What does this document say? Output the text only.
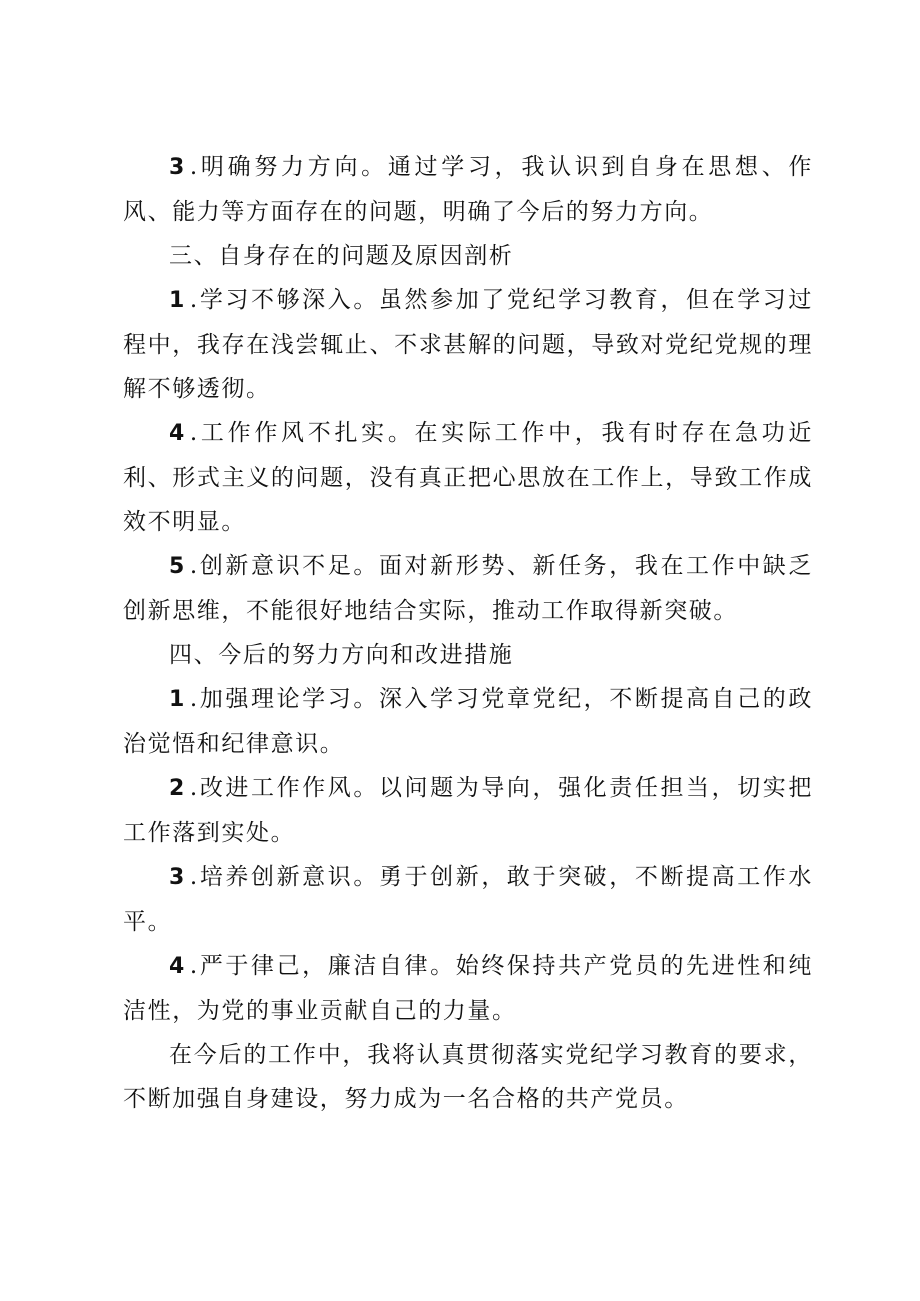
3 .明确努力方向。通过学习，我认识到自身在思想、作风、能力等方面存在的问题，明确了今后的努力方向。

三、自身存在的问题及原因剖析

1 .学习不够深入。虽然参加了党纪学习教育，但在学习过程中，我存在浅尝辄止、不求甚解的问题，导致对党纪党规的理解不够透彻。

4 .工作作风不扎实。在实际工作中，我有时存在急功近利、形式主义的问题，没有真正把心思放在工作上，导致工作成效不明显。

5 .创新意识不足。面对新形势、新任务，我在工作中缺乏创新思维，不能很好地结合实际，推动工作取得新突破。

四、今后的努力方向和改进措施

1 .加强理论学习。深入学习党章党纪，不断提高自己的政治觉悟和纪律意识。

2 .改进工作作风。以问题为导向，强化责任担当，切实把工作落到实处。

3 .培养创新意识。勇于创新，敢于突破，不断提高工作水平。

4 .严于律己，廉洁自律。始终保持共产党员的先进性和纯洁性，为党的事业贡献自己的力量。

在今后的工作中，我将认真贯彻落实党纪学习教育的要求，不断加强自身建设，努力成为一名合格的共产党员。
